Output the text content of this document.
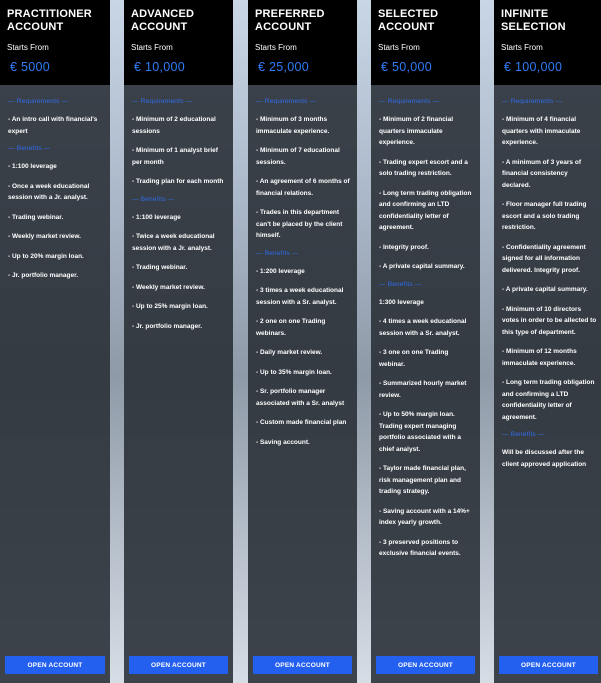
PRACTITIONER ACCOUNT
Starts From
€ 5000
— Requirements —
- An intro call with financial's expert
— Benefits —
- 1:100 leverage
- Once a week educational session with a Jr. analyst.
- Trading webinar.
- Weekly market review.
- Up to 20% margin loan.
- Jr. portfolio manager.
OPEN ACCOUNT
ADVANCED ACCOUNT
Starts From
€ 10,000
— Requirements —
- Minimum of 2 educational sessions
- Minimum of 1 analyst brief per month
- Trading plan for each month
— Benefits —
- 1:100 leverage
- Twice a week educational session with a Jr. analyst.
- Trading webinar.
- Weekly market review.
- Up to 25% margin loan.
- Jr. portfolio manager.
OPEN ACCOUNT
PREFERRED ACCOUNT
Starts From
€ 25,000
— Requirements —
- Minimum of 3 months immaculate experience.
- Minimum of 7 educational sessions.
- An agreement of 6 months of financial relations.
- Trades in this department can't be placed by the client himself.
— Benefits —
- 1:200 leverage
- 3 times a week educational session with a Sr. analyst.
- 2 one on one Trading webinars.
- Daily market review.
- Up to 35% margin loan.
- Sr. portfolio manager associated with a Sr. analyst
- Custom made financial plan
- Saving account.
OPEN ACCOUNT
SELECTED ACCOUNT
Starts From
€ 50,000
— Requirements —
- Minimum of 2 financial quarters immaculate experience.
- Trading expert escort and a solo trading restriction.
- Long term trading obligation and confirming an LTD confidentiality letter of agreement.
- Integrity proof.
- A private capital summary.
— Benefits —
1:300 leverage
- 4 times a week educational session with a Sr. analyst.
- 3 one on one Trading webinar.
- Summarized hourly market review.
- Up to 50% margin loan. Trading expert managing portfolio associated with a chief analyst.
- Taylor made financial plan, risk management plan and trading strategy.
- Saving account with a 14%+ index yearly growth.
- 3 preserved positions to exclusive financial events.
OPEN ACCOUNT
INFINITE SELECTION
Starts From
€ 100,000
— Requirements —
- Minimum of 4 financial quarters with immaculate experience.
- A minimum of 3 years of financial consistency declared.
- Floor manager full trading escort and a solo trading restriction.
- Confidentiality agreement signed for all information delivered. Integrity proof.
- A private capital summary.
- Minimum of 10 directors votes in order to be allected to this type of department.
- Minimum of 12 months immaculate experience.
- Long term trading obligation and confirming a LTD confidentiality letter of agreement.
— Benefits —
Will be discussed after the client approved application
OPEN ACCOUNT
